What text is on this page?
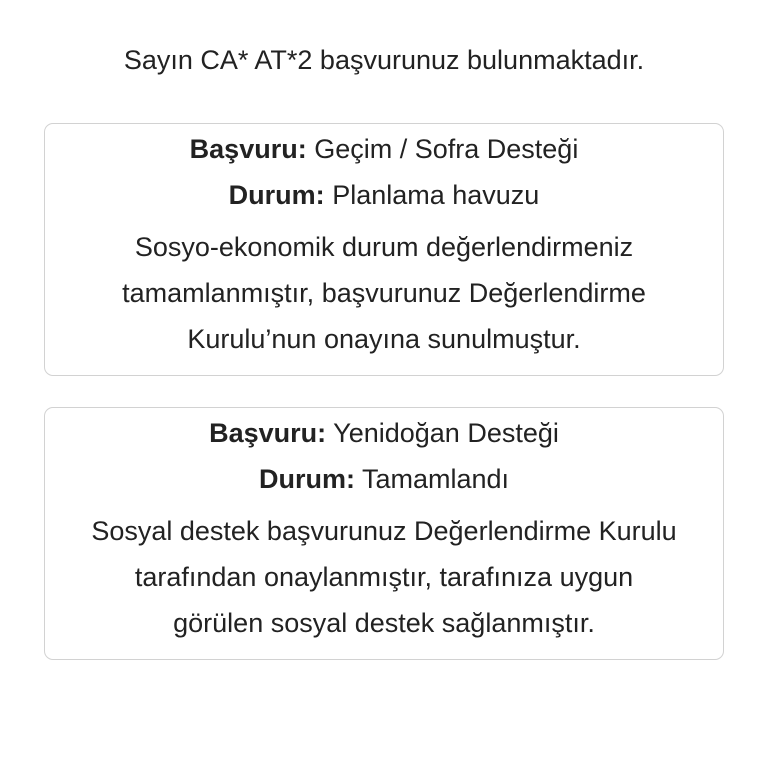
Sayın CA* AT*2 başvurunuz bulunmaktadır.
Başvuru: Geçim / Sofra Desteği
Durum: Planlama havuzu
Sosyo-ekonomik durum değerlendirmeniz
tamamlanmıştır, başvurunuz Değerlendirme
Kurulu’nun onayına sunulmuştur.
Başvuru: Yenidoğan Desteği
Durum: Tamamlandı
Sosyal destek başvurunuz Değerlendirme Kurulu
tarafından onaylanmıştır, tarafınıza uygun
görülen sosyal destek sağlanmıştır.
